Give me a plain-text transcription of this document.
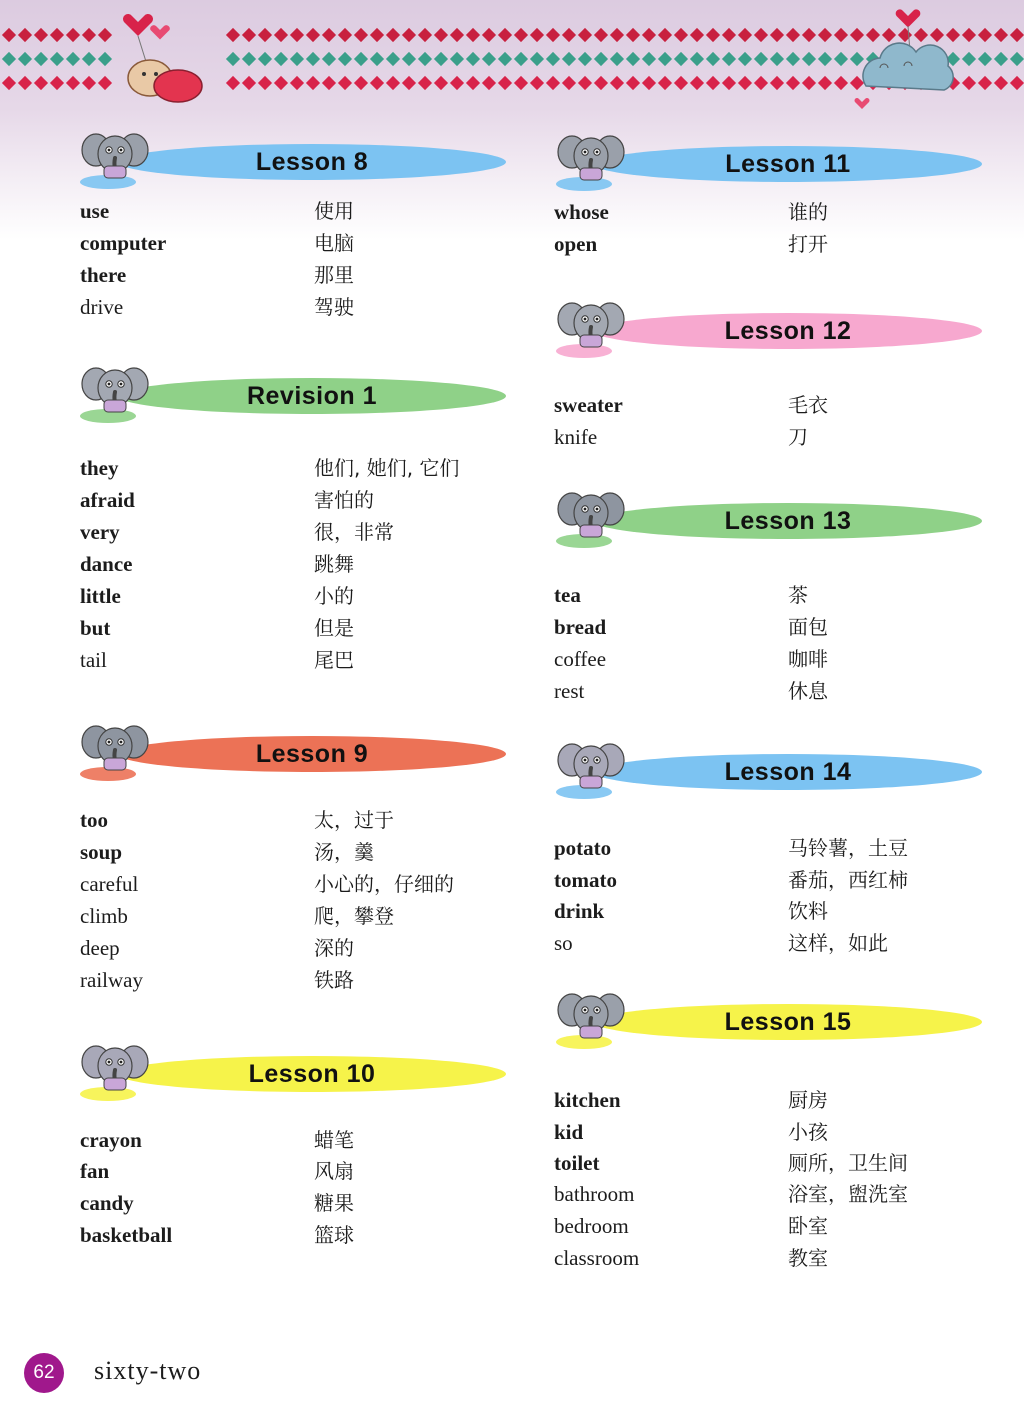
Lesson 8
use	使用
computer	电脑
there	那里
drive	驾驶
Revision 1
they	他们, 她们, 它们
afraid	害怕的
very	很，非常
dance	跳舞
little	小的
but	但是
tail	尾巴
Lesson 9
too	太，过于
soup	汤，羹
careful	小心的，仔细的
climb	爬，攀登
deep	深的
railway	铁路
Lesson 10
crayon	蜡笔
fan	风扇
candy	糖果
basketball	篮球
Lesson 11
whose	谁的
open	打开
Lesson 12
sweater	毛衣
knife	刀
Lesson 13
tea	茶
bread	面包
coffee	咖啡
rest	休息
Lesson 14
potato	马铃薯，土豆
tomato	番茄，西红柿
drink	饮料
so	这样，如此
Lesson 15
kitchen	厨房
kid	小孩
toilet	厕所，卫生间
bathroom	浴室，盥洗室
bedroom	卧室
classroom	教室
62	sixty-two
